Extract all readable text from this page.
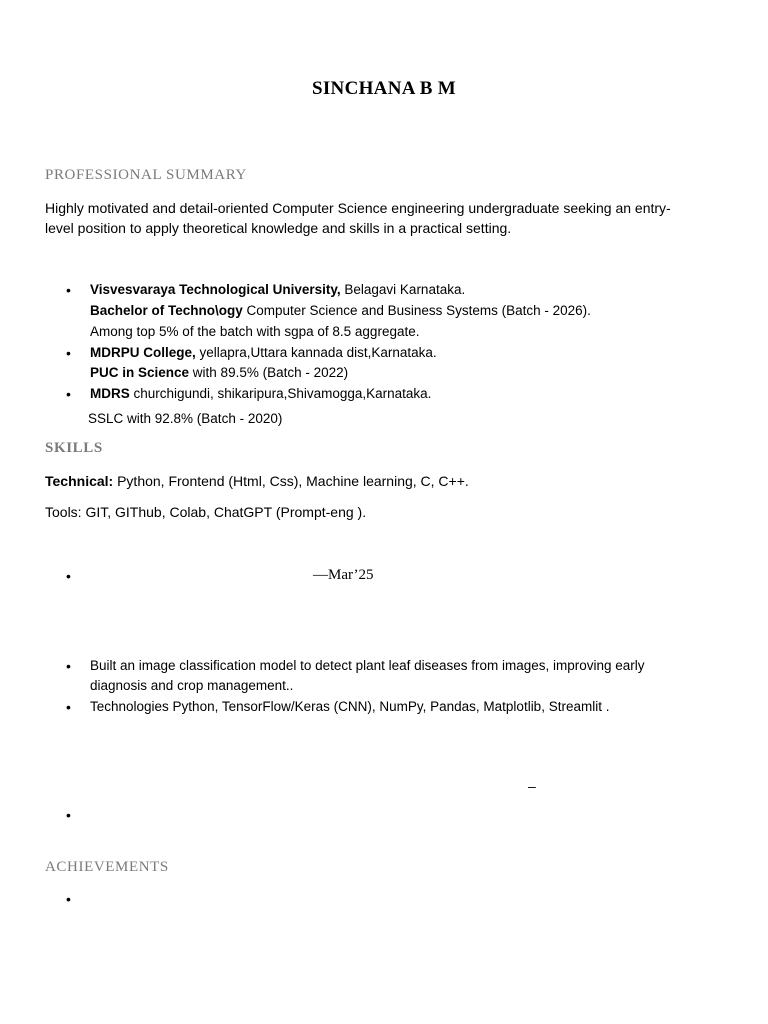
SINCHANA B M
PROFESSIONAL SUMMARY
Highly motivated and detail-oriented Computer Science engineering undergraduate seeking an entry-
level position to apply theoretical knowledge and skills in a practical setting.
•
Visvesvaraya Technological University, Belagavi Karnataka.
Bachelor of Techno\ogy Computer Science and Business Systems (Batch - 2026).
Among top 5% of the batch with sgpa of 8.5 aggregate.
•
MDRPU College, yellapra,Uttara kannada dist,Karnataka.
PUC in Science with 89.5% (Batch - 2022)
•
MDRS churchigundi, shikaripura,Shivamogga,Karnataka.
SSLC with 92.8% (Batch - 2020)
SKILLS
Technical: Python, Frontend (Html, Css), Machine learning, C, C++.
Tools: GIT, GIThub, Colab, ChatGPT (Prompt-eng ).
•
—Mar’25
•
Built an image classification model to detect plant leaf diseases from images, improving early
diagnosis and crop management..
•
Technologies Python, TensorFlow/Keras (CNN), NumPy, Pandas, Matplotlib, Streamlit .
–
•
ACHIEVEMENTS
•
